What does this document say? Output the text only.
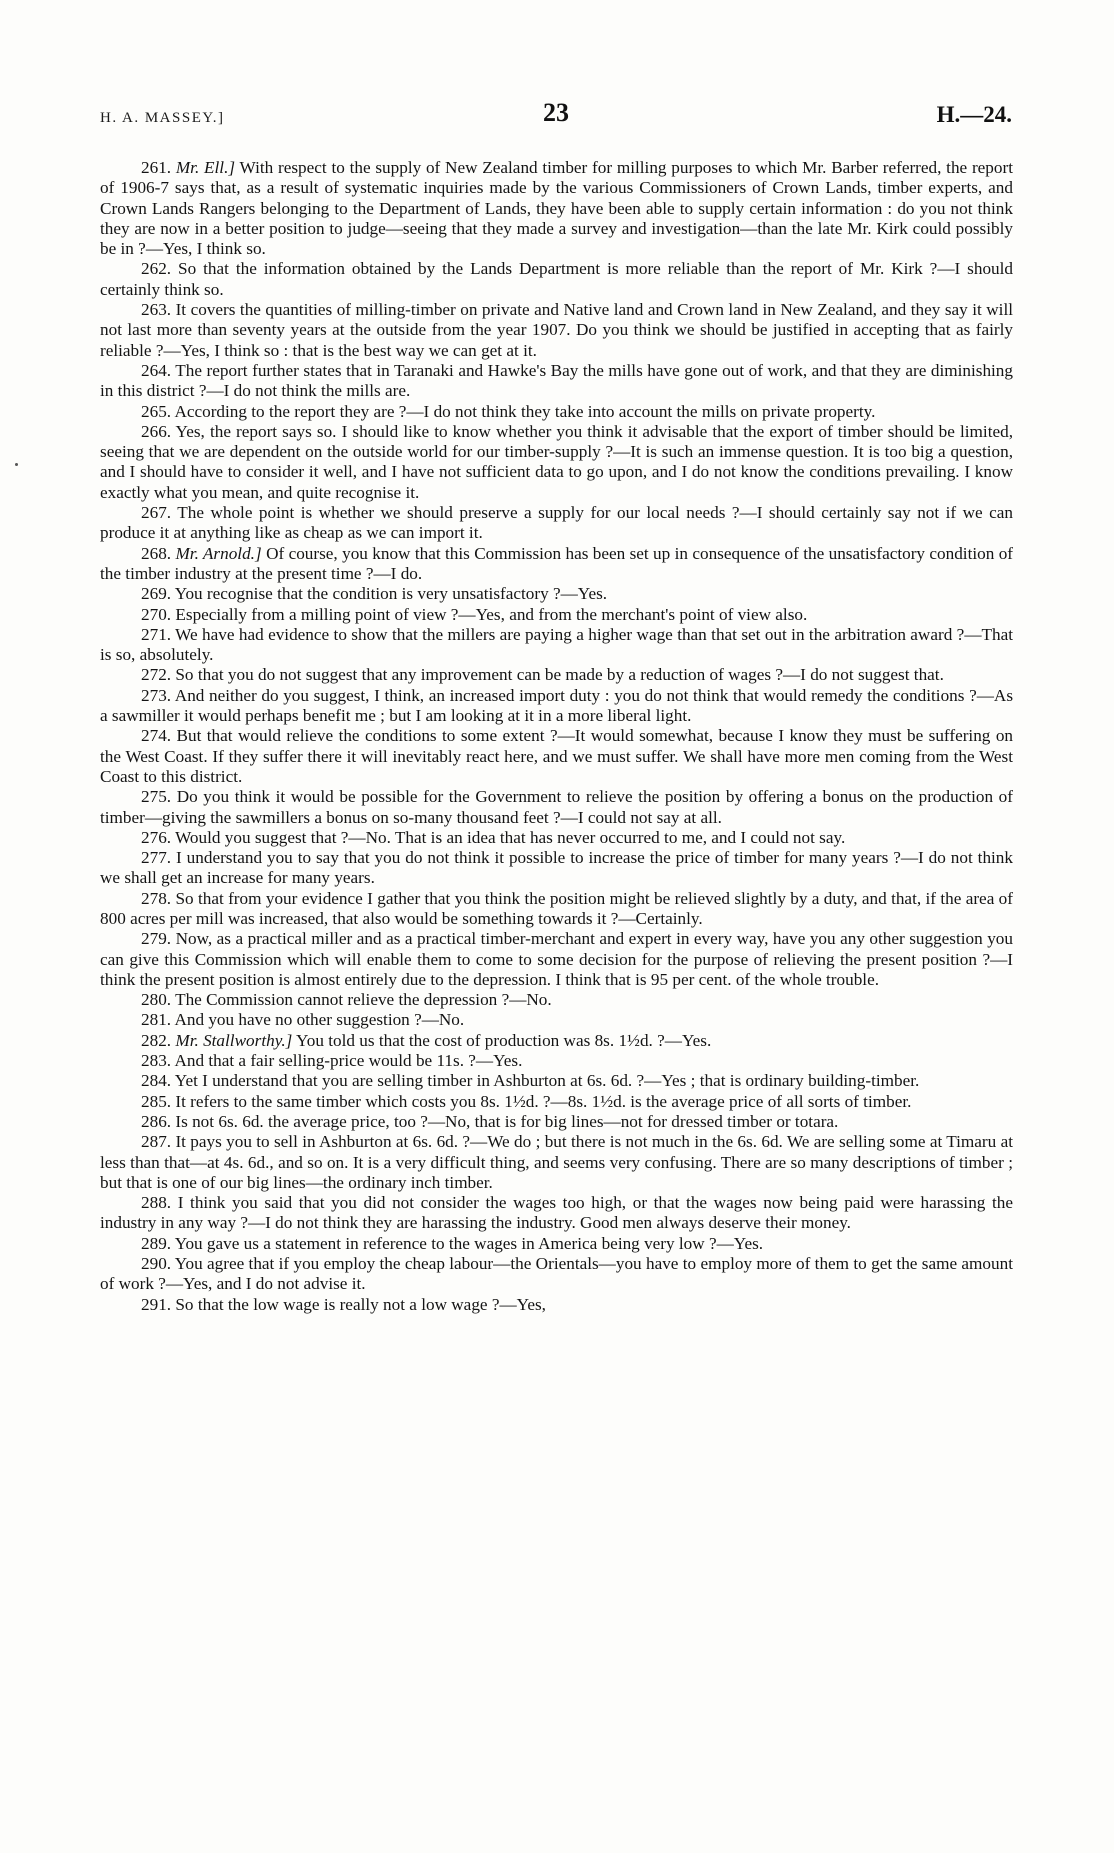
H. A. MASSEY.]	23	H.—24.

261. Mr. Ell.] With respect to the supply of New Zealand timber for milling purposes to which Mr. Barber referred, the report of 1906-7 says that, as a result of systematic inquiries made by the various Commissioners of Crown Lands, timber experts, and Crown Lands Rangers belonging to the Department of Lands, they have been able to supply certain information : do you not think they are now in a better position to judge—seeing that they made a survey and investigation—than the late Mr. Kirk could possibly be in ?—Yes, I think so.

262. So that the information obtained by the Lands Department is more reliable than the report of Mr. Kirk ?—I should certainly think so.

263. It covers the quantities of milling-timber on private and Native land and Crown land in New Zealand, and they say it will not last more than seventy years at the outside from the year 1907. Do you think we should be justified in accepting that as fairly reliable ?—Yes, I think so : that is the best way we can get at it.

264. The report further states that in Taranaki and Hawke's Bay the mills have gone out of work, and that they are diminishing in this district ?—I do not think the mills are.

265. According to the report they are ?—I do not think they take into account the mills on private property.

266. Yes, the report says so. I should like to know whether you think it advisable that the export of timber should be limited, seeing that we are dependent on the outside world for our timber-supply ?—It is such an immense question. It is too big a question, and I should have to consider it well, and I have not sufficient data to go upon, and I do not know the conditions prevailing. I know exactly what you mean, and quite recognise it.

267. The whole point is whether we should preserve a supply for our local needs ?—I should certainly say not if we can produce it at anything like as cheap as we can import it.

268. Mr. Arnold.] Of course, you know that this Commission has been set up in consequence of the unsatisfactory condition of the timber industry at the present time ?—I do.

269. You recognise that the condition is very unsatisfactory ?—Yes.

270. Especially from a milling point of view ?—Yes, and from the merchant's point of view also.

271. We have had evidence to show that the millers are paying a higher wage than that set out in the arbitration award ?—That is so, absolutely.

272. So that you do not suggest that any improvement can be made by a reduction of wages ?—I do not suggest that.

273. And neither do you suggest, I think, an increased import duty : you do not think that would remedy the conditions ?—As a sawmiller it would perhaps benefit me ; but I am looking at it in a more liberal light.

274. But that would relieve the conditions to some extent ?—It would somewhat, because I know they must be suffering on the West Coast. If they suffer there it will inevitably react here, and we must suffer. We shall have more men coming from the West Coast to this district.

275. Do you think it would be possible for the Government to relieve the position by offering a bonus on the production of timber—giving the sawmillers a bonus on so-many thousand feet ?—I could not say at all.

276. Would you suggest that ?—No. That is an idea that has never occurred to me, and I could not say.

277. I understand you to say that you do not think it possible to increase the price of timber for many years ?—I do not think we shall get an increase for many years.

278. So that from your evidence I gather that you think the position might be relieved slightly by a duty, and that, if the area of 800 acres per mill was increased, that also would be something towards it ?—Certainly.

279. Now, as a practical miller and as a practical timber-merchant and expert in every way, have you any other suggestion you can give this Commission which will enable them to come to some decision for the purpose of relieving the present position ?—I think the present position is almost entirely due to the depression. I think that is 95 per cent. of the whole trouble.

280. The Commission cannot relieve the depression ?—No.

281. And you have no other suggestion ?—No.

282. Mr. Stallworthy.] You told us that the cost of production was 8s. 1½d. ?—Yes.

283. And that a fair selling-price would be 11s. ?—Yes.

284. Yet I understand that you are selling timber in Ashburton at 6s. 6d. ?—Yes ; that is ordinary building-timber.

285. It refers to the same timber which costs you 8s. 1½d. ?—8s. 1½d. is the average price of all sorts of timber.

286. Is not 6s. 6d. the average price, too ?—No, that is for big lines—not for dressed timber or totara.

287. It pays you to sell in Ashburton at 6s. 6d. ?—We do ; but there is not much in the 6s. 6d. We are selling some at Timaru at less than that—at 4s. 6d., and so on. It is a very difficult thing, and seems very confusing. There are so many descriptions of timber ; but that is one of our big lines—the ordinary inch timber.

288. I think you said that you did not consider the wages too high, or that the wages now being paid were harassing the industry in any way ?—I do not think they are harassing the industry. Good men always deserve their money.

289. You gave us a statement in reference to the wages in America being very low ?—Yes.

290. You agree that if you employ the cheap labour—the Orientals—you have to employ more of them to get the same amount of work ?—Yes, and I do not advise it.

291. So that the low wage is really not a low wage ?—Yes,
